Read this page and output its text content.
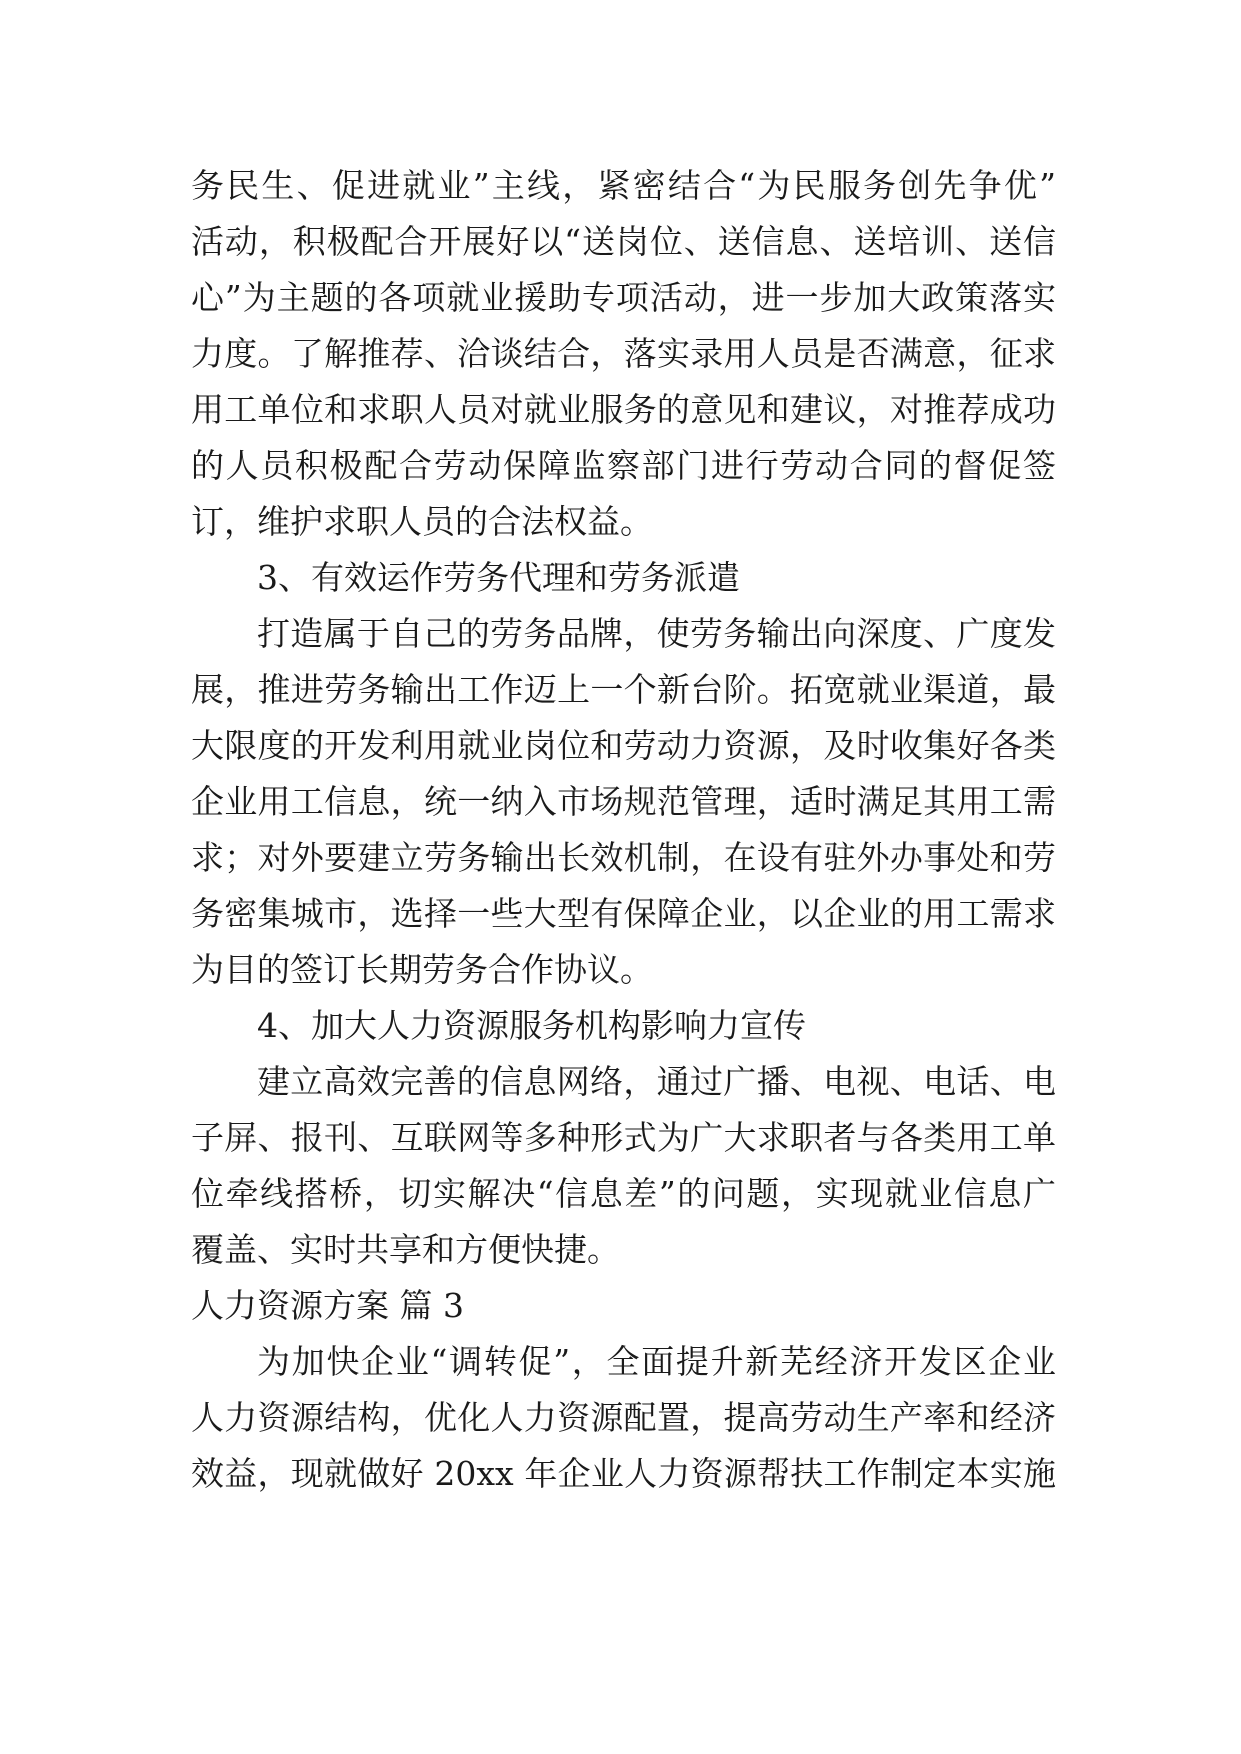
务民生、促进就业”主线，紧密结合“为民服务创先争优”
活动，积极配合开展好以“送岗位、送信息、送培训、送信
心”为主题的各项就业援助专项活动，进一步加大政策落实
力度。了解推荐、洽谈结合，落实录用人员是否满意，征求
用工单位和求职人员对就业服务的意见和建议，对推荐成功
的人员积极配合劳动保障监察部门进行劳动合同的督促签
订，维护求职人员的合法权益。
3、有效运作劳务代理和劳务派遣
打造属于自己的劳务品牌，使劳务输出向深度、广度发
展，推进劳务输出工作迈上一个新台阶。拓宽就业渠道，最
大限度的开发利用就业岗位和劳动力资源，及时收集好各类
企业用工信息，统一纳入市场规范管理，适时满足其用工需
求；对外要建立劳务输出长效机制，在设有驻外办事处和劳
务密集城市，选择一些大型有保障企业，以企业的用工需求
为目的签订长期劳务合作协议。
4、加大人力资源服务机构影响力宣传
建立高效完善的信息网络，通过广播、电视、电话、电
子屏、报刊、互联网等多种形式为广大求职者与各类用工单
位牵线搭桥，切实解决“信息差”的问题，实现就业信息广
覆盖、实时共享和方便快捷。
人力资源方案 篇 3
为加快企业“调转促”，全面提升新芜经济开发区企业
人力资源结构，优化人力资源配置，提高劳动生产率和经济
效益，现就做好 20xx 年企业人力资源帮扶工作制定本实施
